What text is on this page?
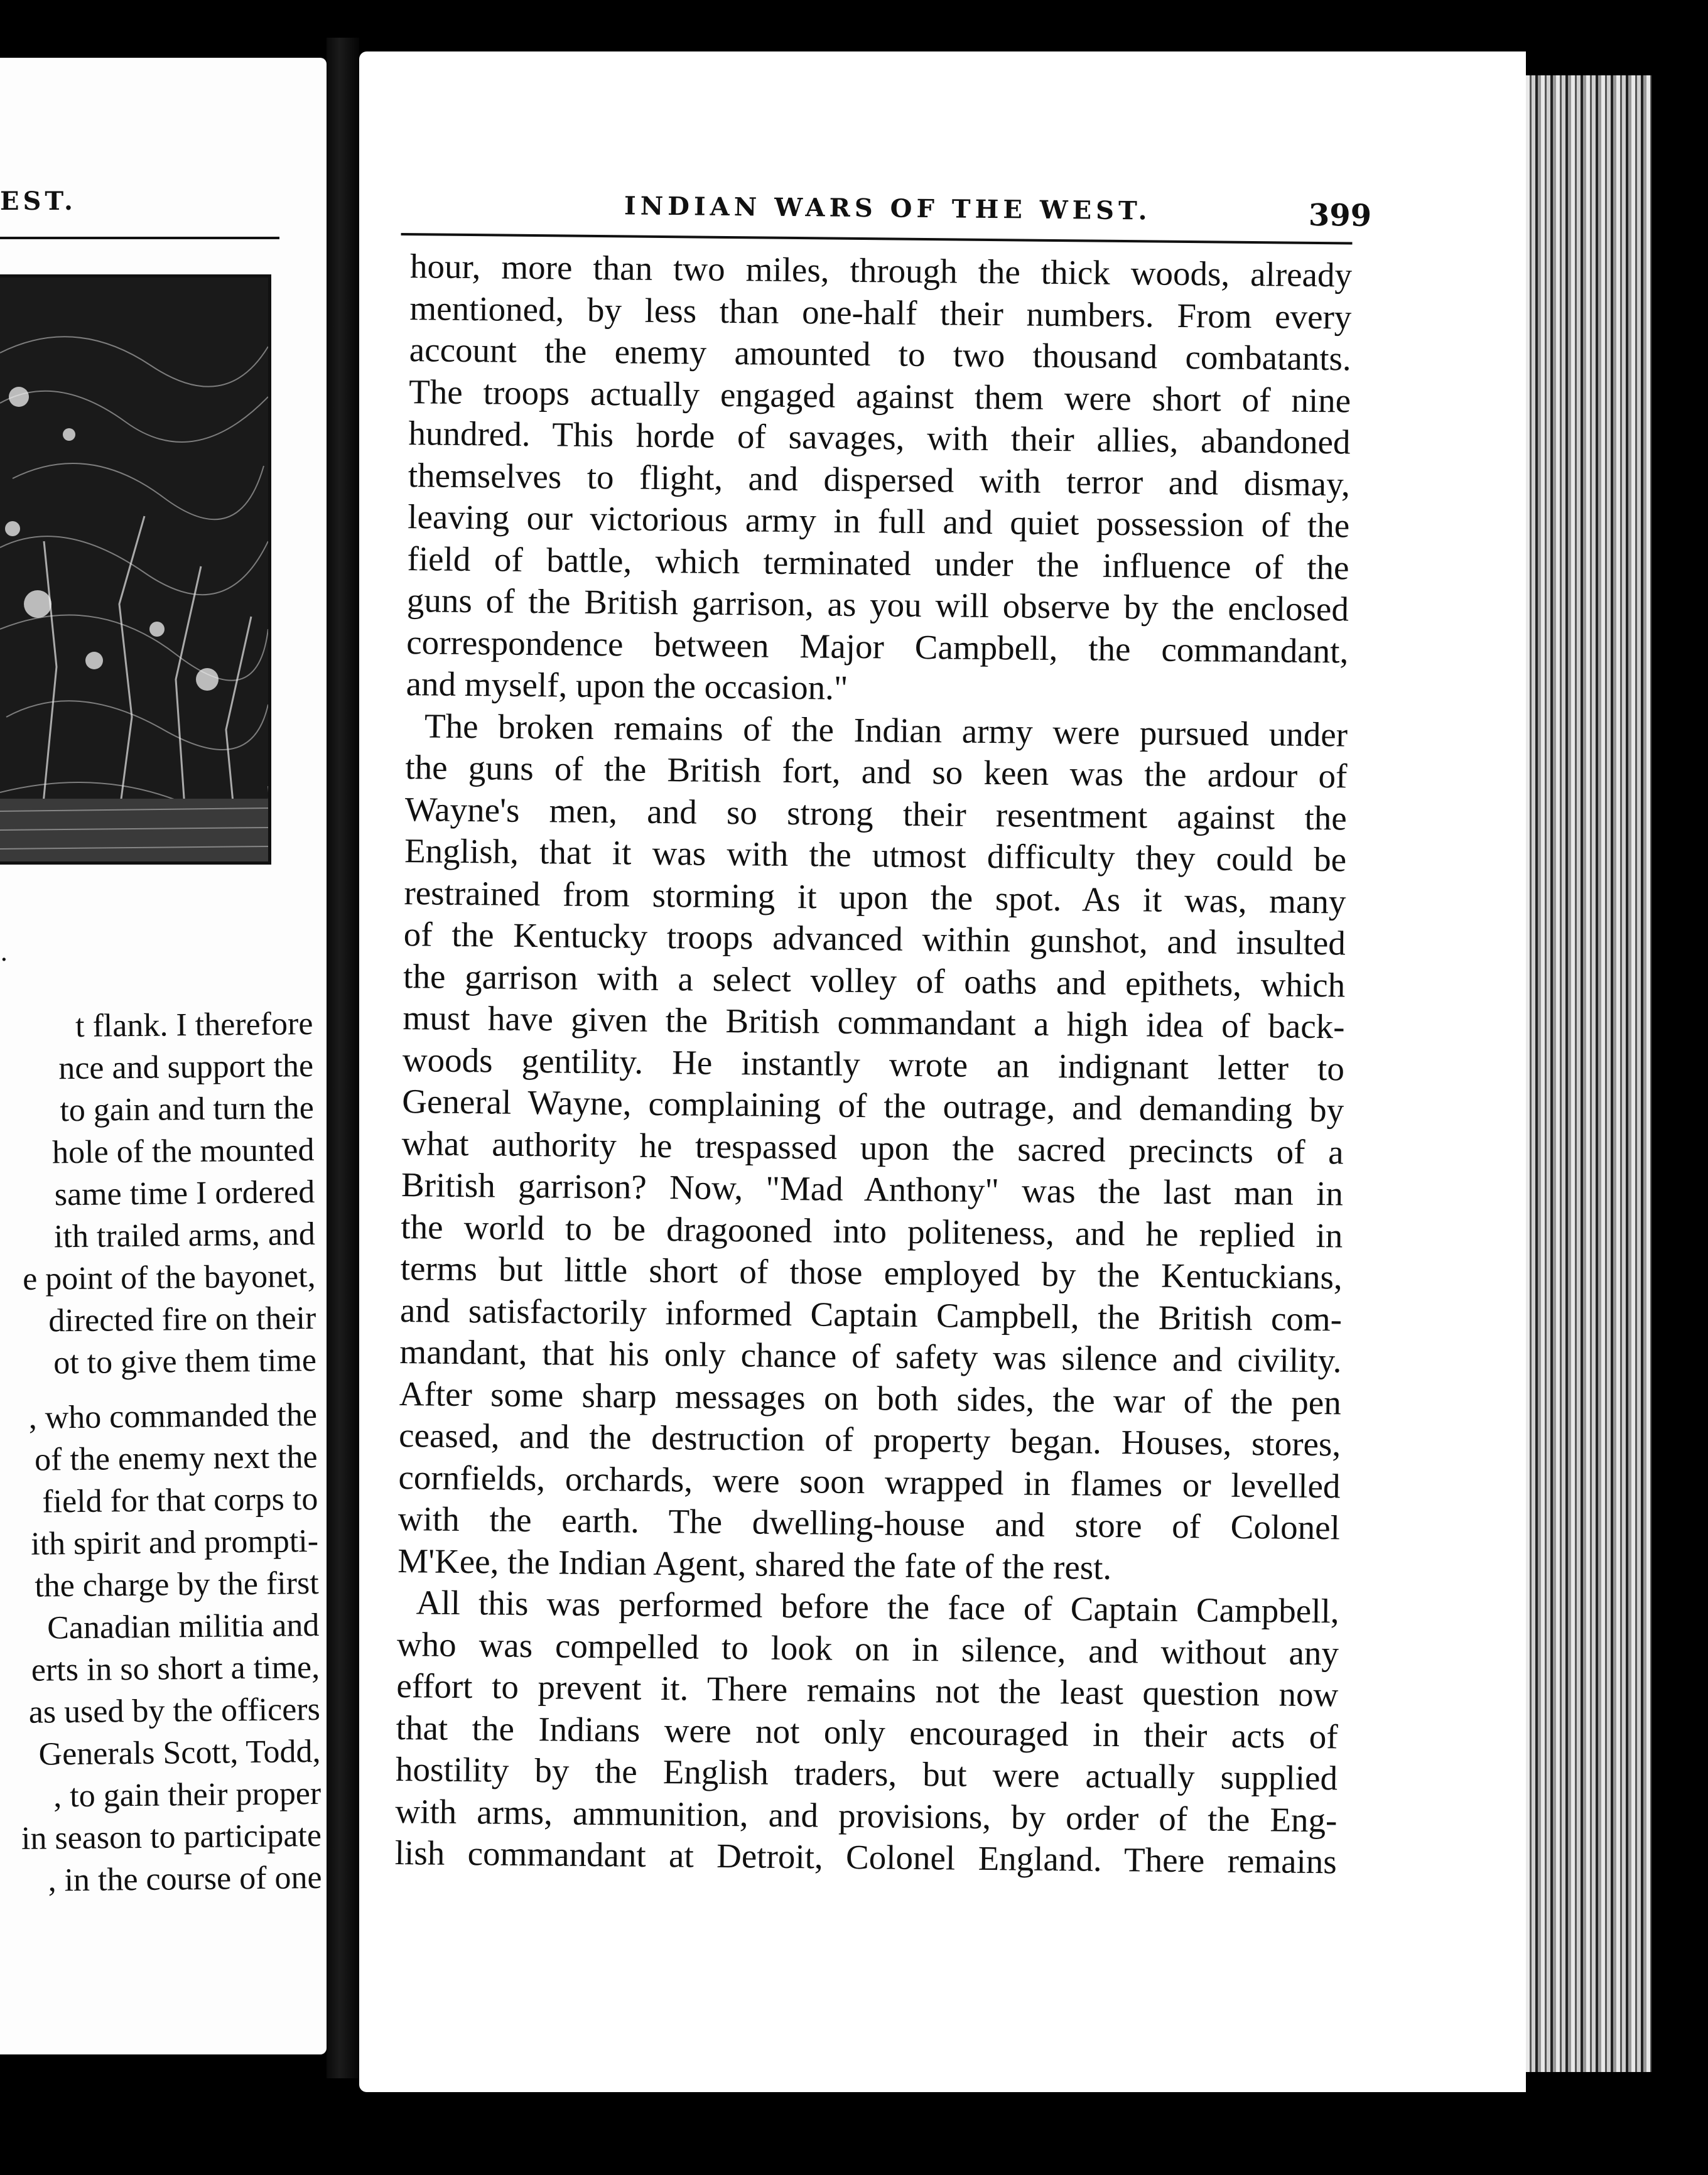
EST.
.
t flank. I therefore
nce and support the
to gain and turn the
hole of the mounted
same time I ordered
ith trailed arms, and
e point of the bayonet,
directed fire on their
ot to give them time
, who commanded the
of the enemy next the
field for that corps to
ith spirit and prompti-
the charge by the first
Canadian militia and
erts in so short a time,
as used by the officers
Generals Scott, Todd,
, to gain their proper
in season to participate
, in the course of one
INDIAN WARS OF THE WEST.	399
hour, more than two miles, through the thick woods, already
mentioned, by less than one-half their numbers. From every
account the enemy amounted to two thousand combatants.
The troops actually engaged against them were short of nine
hundred. This horde of savages, with their allies, abandoned
themselves to flight, and dispersed with terror and dismay,
leaving our victorious army in full and quiet possession of the
field of battle, which terminated under the influence of the
guns of the British garrison, as you will observe by the enclosed
correspondence between Major Campbell, the commandant,
and myself, upon the occasion."
The broken remains of the Indian army were pursued under
the guns of the British fort, and so keen was the ardour of
Wayne's men, and so strong their resentment against the
English, that it was with the utmost difficulty they could be
restrained from storming it upon the spot. As it was, many
of the Kentucky troops advanced within gunshot, and insulted
the garrison with a select volley of oaths and epithets, which
must have given the British commandant a high idea of back-
woods gentility. He instantly wrote an indignant letter to
General Wayne, complaining of the outrage, and demanding by
what authority he trespassed upon the sacred precincts of a
British garrison? Now, "Mad Anthony" was the last man in
the world to be dragooned into politeness, and he replied in
terms but little short of those employed by the Kentuckians,
and satisfactorily informed Captain Campbell, the British com-
mandant, that his only chance of safety was silence and civility.
After some sharp messages on both sides, the war of the pen
ceased, and the destruction of property began. Houses, stores,
cornfields, orchards, were soon wrapped in flames or levelled
with the earth. The dwelling-house and store of Colonel
M'Kee, the Indian Agent, shared the fate of the rest.
All this was performed before the face of Captain Campbell,
who was compelled to look on in silence, and without any
effort to prevent it. There remains not the least question now
that the Indians were not only encouraged in their acts of
hostility by the English traders, but were actually supplied
with arms, ammunition, and provisions, by order of the Eng-
lish commandant at Detroit, Colonel England. There remains
